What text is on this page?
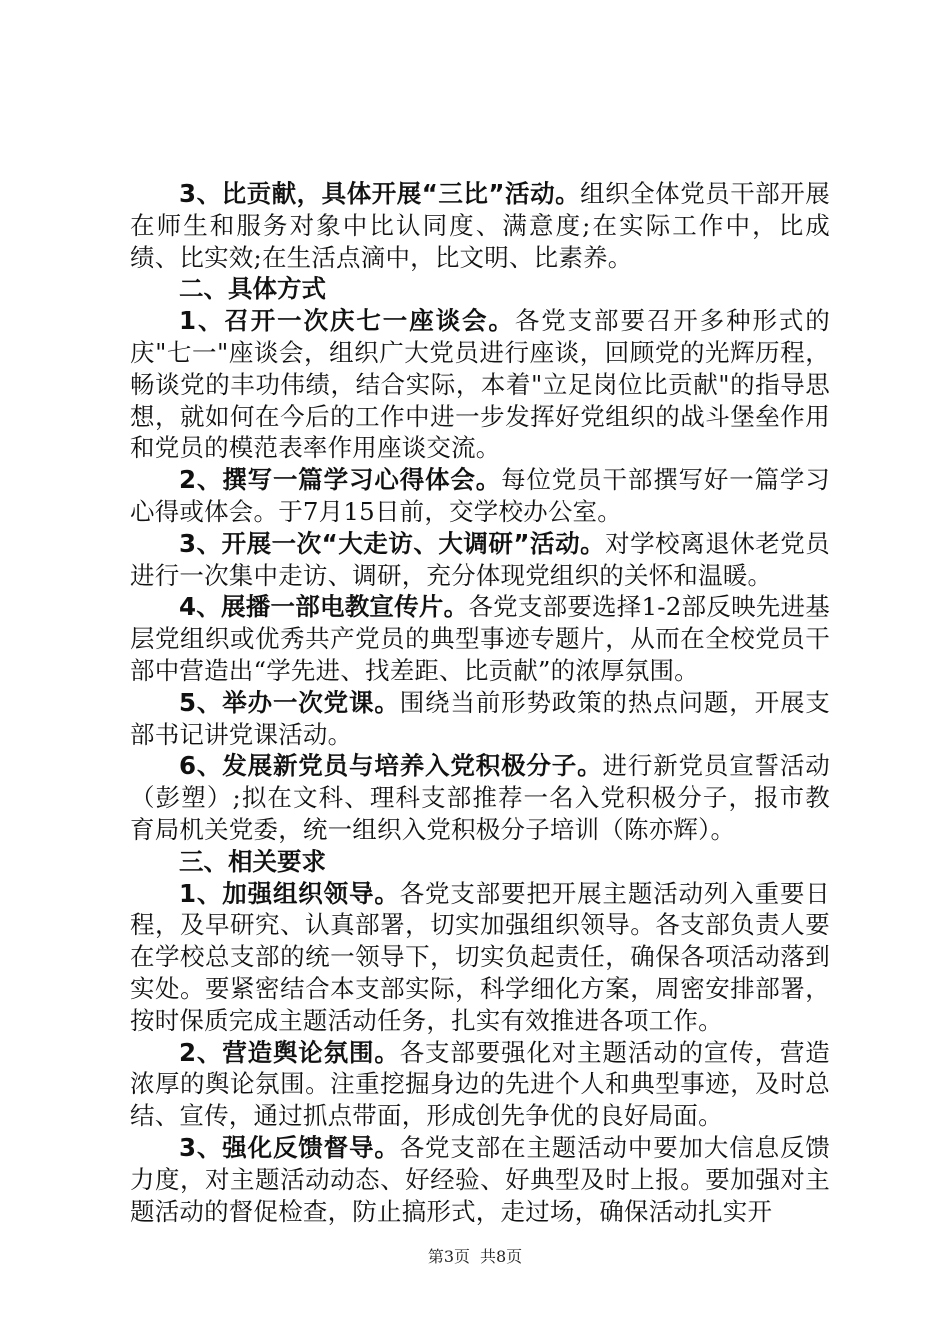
3、比贡献，具体开展“三比”活动。组织全体党员干部开展在师生和服务对象中比认同度、满意度;在实际工作中，比成绩、比实效;在生活点滴中，比文明、比素养。

二、具体方式

1、召开一次庆七一座谈会。各党支部要召开多种形式的庆"七一"座谈会，组织广大党员进行座谈，回顾党的光辉历程，畅谈党的丰功伟绩，结合实际，本着"立足岗位比贡献"的指导思想，就如何在今后的工作中进一步发挥好党组织的战斗堡垒作用和党员的模范表率作用座谈交流。

2、撰写一篇学习心得体会。每位党员干部撰写好一篇学习心得或体会。于7月15日前，交学校办公室。

3、开展一次“大走访、大调研”活动。对学校离退休老党员进行一次集中走访、调研，充分体现党组织的关怀和温暖。

4、展播一部电教宣传片。各党支部要选择1-2部反映先进基层党组织或优秀共产党员的典型事迹专题片，从而在全校党员干部中营造出“学先进、找差距、比贡献”的浓厚氛围。

5、举办一次党课。围绕当前形势政策的热点问题，开展支部书记讲党课活动。

6、发展新党员与培养入党积极分子。进行新党员宣誓活动（彭塑）;拟在文科、理科支部推荐一名入党积极分子，报市教育局机关党委，统一组织入党积极分子培训（陈亦辉）。

三、相关要求

1、加强组织领导。各党支部要把开展主题活动列入重要日程，及早研究、认真部署，切实加强组织领导。各支部负责人要在学校总支部的统一领导下，切实负起责任，确保各项活动落到实处。要紧密结合本支部实际，科学细化方案，周密安排部署，按时保质完成主题活动任务，扎实有效推进各项工作。

2、营造舆论氛围。各支部要强化对主题活动的宣传，营造浓厚的舆论氛围。注重挖掘身边的先进个人和典型事迹，及时总结、宣传，通过抓点带面，形成创先争优的良好局面。

3、强化反馈督导。各党支部在主题活动中要加大信息反馈力度，对主题活动动态、好经验、好典型及时上报。要加强对主题活动的督促检查，防止搞形式，走过场，确保活动扎实开

第3页 共8页
